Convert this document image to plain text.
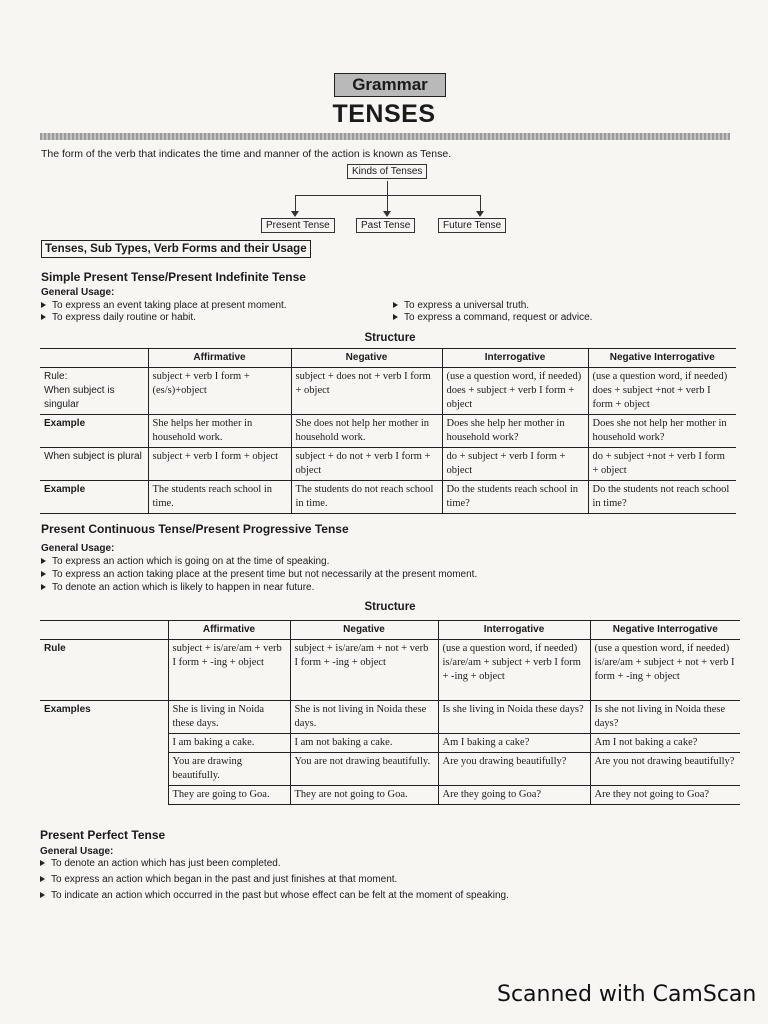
Grammar
TENSES
The form of the verb that indicates the time and manner of the action is known as Tense.
Kinds of Tenses
Present Tense	Past Tense	Future Tense
Tenses, Sub Types, Verb Forms and their Usage
Simple Present Tense/Present Indefinite Tense
General Usage:
To express an event taking place at present moment.
To express daily routine or habit.
To express a universal truth.
To express a command, request or advice.
Structure
	Affirmative	Negative	Interrogative	Negative Interrogative

Rule:
When subject is singular	subject + verb I form + (es/s)+object	subject + does not + verb I form + object	(use a question word, if needed) does + subject + verb I form + object	(use a question word, if needed) does + subject +not + verb I form + object
Example	She helps her mother in household work.	She does not help her mother in household work.	Does she help her mother in household work?	Does she not help her mother in household work?
When subject is plural	subject + verb I form + object	subject + do not + verb I form + object	do + subject + verb I form + object	do + subject +not + verb I form + object
Example	The students reach school in time.	The students do not reach school in time.	Do the students reach school in time?	Do the students not reach school in time?
Present Continuous Tense/Present Progressive Tense
General Usage:
To express an action which is going on at the time of speaking.
To express an action taking place at the present time but not necessarily at the present moment.
To denote an action which is likely to happen in near future.
Structure
	Affirmative	Negative	Interrogative	Negative Interrogative
Rule	subject + is/are/am + verb I form + -ing + object	subject + is/are/am + not + verb I form + -ing + object	(use a question word, if needed) is/are/am + subject + verb I form + -ing + object	(use a question word, if needed) is/are/am + subject + not + verb I form + -ing + object
Examples	She is living in Noida these days.	She is not living in Noida these days.	Is she living in Noida these days?	Is she not living in Noida these days?
	I am baking a cake.	I am not baking a cake.	Am I baking a cake?	Am I not baking a cake?
	You are drawing beautifully.	You are not drawing beautifully.	Are you drawing beautifully?	Are you not drawing beautifully?
	They are going to Goa.	They are not going to Goa.	Are they going to Goa?	Are they not going to Goa?
Present Perfect Tense
General Usage:
To denote an action which has just been completed.
To express an action which began in the past and just finishes at that moment.
To indicate an action which occurred in the past but whose effect can be felt at the moment of speaking.
Scanned with CamScan
